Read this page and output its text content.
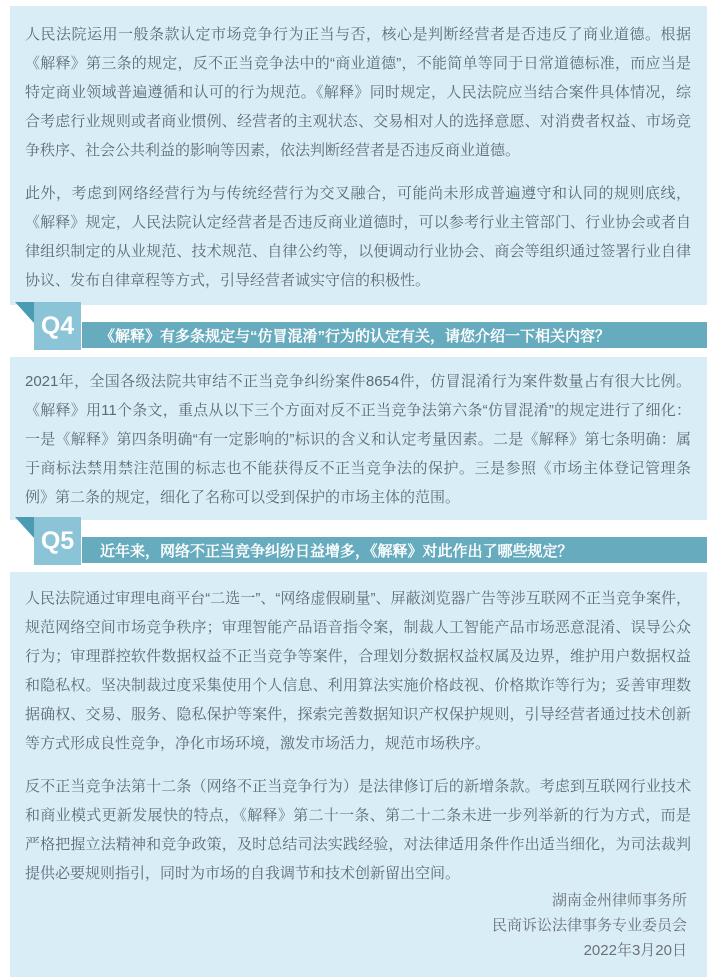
人民法院运用一般条款认定市场竞争行为正当与否，核心是判断经营者是否违反了商业道德。根据《解释》第三条的规定，反不正当竞争法中的“商业道德”，不能简单等同于日常道德标准，而应当是特定商业领域普遍遵循和认可的行为规范。《解释》同时规定，人民法院应当结合案件具体情况，综合考虑行业规则或者商业惯例、经营者的主观状态、交易相对人的选择意愿、对消费者权益、市场竞争秩序、社会公共利益的影响等因素，依法判断经营者是否违反商业道德。

此外，考虑到网络经营行为与传统经营行为交叉融合，可能尚未形成普遍遵守和认同的规则底线，《解释》规定，人民法院认定经营者是否违反商业道德时，可以参考行业主管部门、行业协会或者自律组织制定的从业规范、技术规范、自律公约等，以便调动行业协会、商会等组织通过签署行业自律协议、发布自律章程等方式，引导经营者诚实守信的积极性。

Q4 《解释》有多条规定与“仿冒混淆”行为的认定有关，请您介绍一下相关内容？

2021年，全国各级法院共审结不正当竞争纠纷案件8654件，仿冒混淆行为案件数量占有很大比例。《解释》用11个条文，重点从以下三个方面对反不正当竞争法第六条“仿冒混淆”的规定进行了细化：一是《解释》第四条明确“有一定影响的”标识的含义和认定考量因素。二是《解释》第七条明确：属于商标法禁用禁注范围的标志也不能获得反不正当竞争法的保护。三是参照《市场主体登记管理条例》第二条的规定，细化了名称可以受到保护的市场主体的范围。

Q5 近年来，网络不正当竞争纠纷日益增多，《解释》对此作出了哪些规定？

人民法院通过审理电商平台“二选一”、“网络虚假刷量”、屏蔽浏览器广告等涉互联网不正当竞争案件，规范网络空间市场竞争秩序；审理智能产品语音指令案，制裁人工智能产品市场恶意混淆、误导公众行为；审理群控软件数据权益不正当竞争等案件，合理划分数据权益权属及边界，维护用户数据权益和隐私权。坚决制裁过度采集使用个人信息、利用算法实施价格歧视、价格欺诈等行为；妥善审理数据确权、交易、服务、隐私保护等案件，探索完善数据知识产权保护规则，引导经营者通过技术创新等方式形成良性竞争，净化市场环境，激发市场活力，规范市场秩序。

反不正当竞争法第十二条（网络不正当竞争行为）是法律修订后的新增条款。考虑到互联网行业技术和商业模式更新发展快的特点，《解释》第二十一条、第二十二条未进一步列举新的行为方式，而是严格把握立法精神和竞争政策，及时总结司法实践经验，对法律适用条件作出适当细化，为司法裁判提供必要规则指引，同时为市场的自我调节和技术创新留出空间。

湖南金州律师事务所
民商诉讼法律事务专业委员会
2022年3月20日
